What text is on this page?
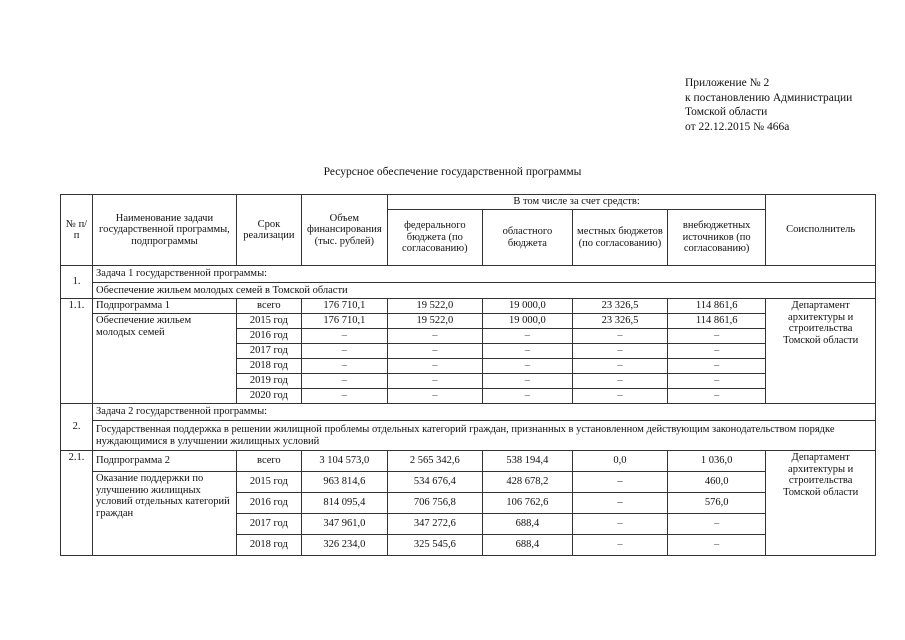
Приложение № 2
к постановлению Администрации
Томской области
от 22.12.2015 № 466а
Ресурсное обеспечение государственной программы
№ п/п	Наименование задачи государственной программы, подпрограммы	Срок реализации	Объем финансирования (тыс. рублей)	В том числе за счет средств:				Соисполнитель
				федерального бюджета (по согласованию)	областного бюджета	местных бюджетов (по согласованию)	внебюджетных источников (по согласованию)	
1.	Задача 1 государственной программы:							
	Обеспечение жильем молодых семей в Томской области							
1.1.	Подпрограмма 1	всего	176 710,1	19 522,0	19 000,0	23 326,5	114 861,6	Департамент архитектуры и строительства Томской области
	Обеспечение жильем молодых семей	2015 год	176 710,1	19 522,0	19 000,0	23 326,5	114 861,6	
		2016 год	–	–	–	–	–	
		2017 год	–	–	–	–	–	
		2018 год	–	–	–	–	–	
		2019 год	–	–	–	–	–	
		2020 год	–	–	–	–	–	
2.	Задача 2 государственной программы:							
	Государственная поддержка в решении жилищной проблемы отдельных категорий граждан, признанных в установленном действующим законодательством порядке нуждающимися в улучшении жилищных условий							
2.1.	Подпрограмма 2	всего	3 104 573,0	2 565 342,6	538 194,4	0,0	1 036,0	Департамент архитектуры и строительства Томской области
	Оказание поддержки по улучшению жилищных условий отдельных категорий граждан	2015 год	963 814,6	534 676,4	428 678,2	–	460,0	
		2016 год	814 095,4	706 756,8	106 762,6	–	576,0	
		2017 год	347 961,0	347 272,6	688,4	–	–	
		2018 год	326 234,0	325 545,6	688,4	–	–	
